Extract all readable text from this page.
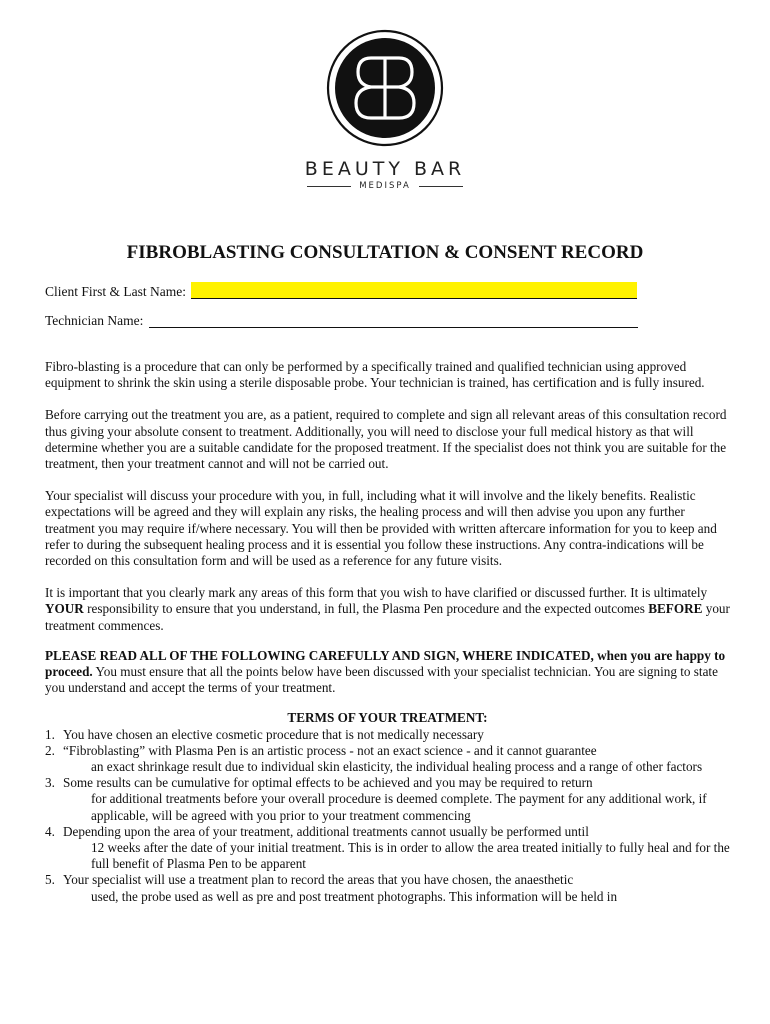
BEAUTY BAR
MEDISPA
FIBROBLASTING CONSULTATION & CONSENT RECORD
Client First & Last Name:
Technician Name:

Fibro-blasting is a procedure that can only be performed by a specifically trained and qualified technician using approved equipment to shrink the skin using a sterile disposable probe. Your technician is trained, has certification and is fully insured.

Before carrying out the treatment you are, as a patient, required to complete and sign all relevant areas of this consultation record thus giving your absolute consent to treatment. Additionally, you will need to disclose your full medical history as that will determine whether you are a suitable candidate for the proposed treatment. If the specialist does not think you are suitable for the treatment, then your treatment cannot and will not be carried out.

Your specialist will discuss your procedure with you, in full, including what it will involve and the likely benefits. Realistic expectations will be agreed and they will explain any risks, the healing process and will then advise you upon any further treatment you may require if/where necessary. You will then be provided with written aftercare information for you to keep and refer to during the subsequent healing process and it is essential you follow these instructions. Any contra-indications will be recorded on this consultation form and will be used as a reference for any future visits.

It is important that you clearly mark any areas of this form that you wish to have clarified or discussed further. It is ultimately YOUR responsibility to ensure that you understand, in full, the Plasma Pen procedure and the expected outcomes BEFORE your treatment commences.

PLEASE READ ALL OF THE FOLLOWING CAREFULLY AND SIGN, WHERE INDICATED, when you are happy to proceed. You must ensure that all the points below have been discussed with your specialist technician. You are signing to state you understand and accept the terms of your treatment.

TERMS OF YOUR TREATMENT:
1. You have chosen an elective cosmetic procedure that is not medically necessary
2. “Fibroblasting” with Plasma Pen is an artistic process - not an exact science - and it cannot guarantee
an exact shrinkage result due to individual skin elasticity, the individual healing process and a range of other factors
3. Some results can be cumulative for optimal effects to be achieved and you may be required to return
for additional treatments before your overall procedure is deemed complete. The payment for any additional work, if applicable, will be agreed with you prior to your treatment commencing
4. Depending upon the area of your treatment, additional treatments cannot usually be performed until
12 weeks after the date of your initial treatment. This is in order to allow the area treated initially to fully heal and for the full benefit of Plasma Pen to be apparent
5. Your specialist will use a treatment plan to record the areas that you have chosen, the anaesthetic
used, the probe used as well as pre and post treatment photographs. This information will be held in
